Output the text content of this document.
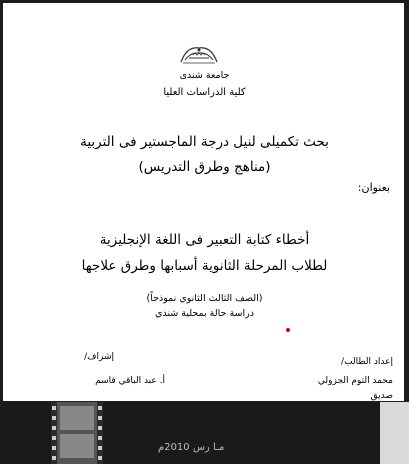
جامعة شندى
كلية الدراسات العليا
بحث تكميلى لنيل درجة الماجستير فى التربية
(مناهج وطرق التدريس)
بعنوان:
أخطاء كتابة التعبير فى اللغة الإنجليزية
لطلاب المرحلة الثانوية أسبابها وطرق علاجها
(الصف الثالث الثانوي نموذجاً)
دراسة حالة بمحلية شندي
إعداد الطالب/
محمد التوم الجزولي
صديق
إشراف/
أ. عبد الباقي قاسم
مـا رس 2010م
